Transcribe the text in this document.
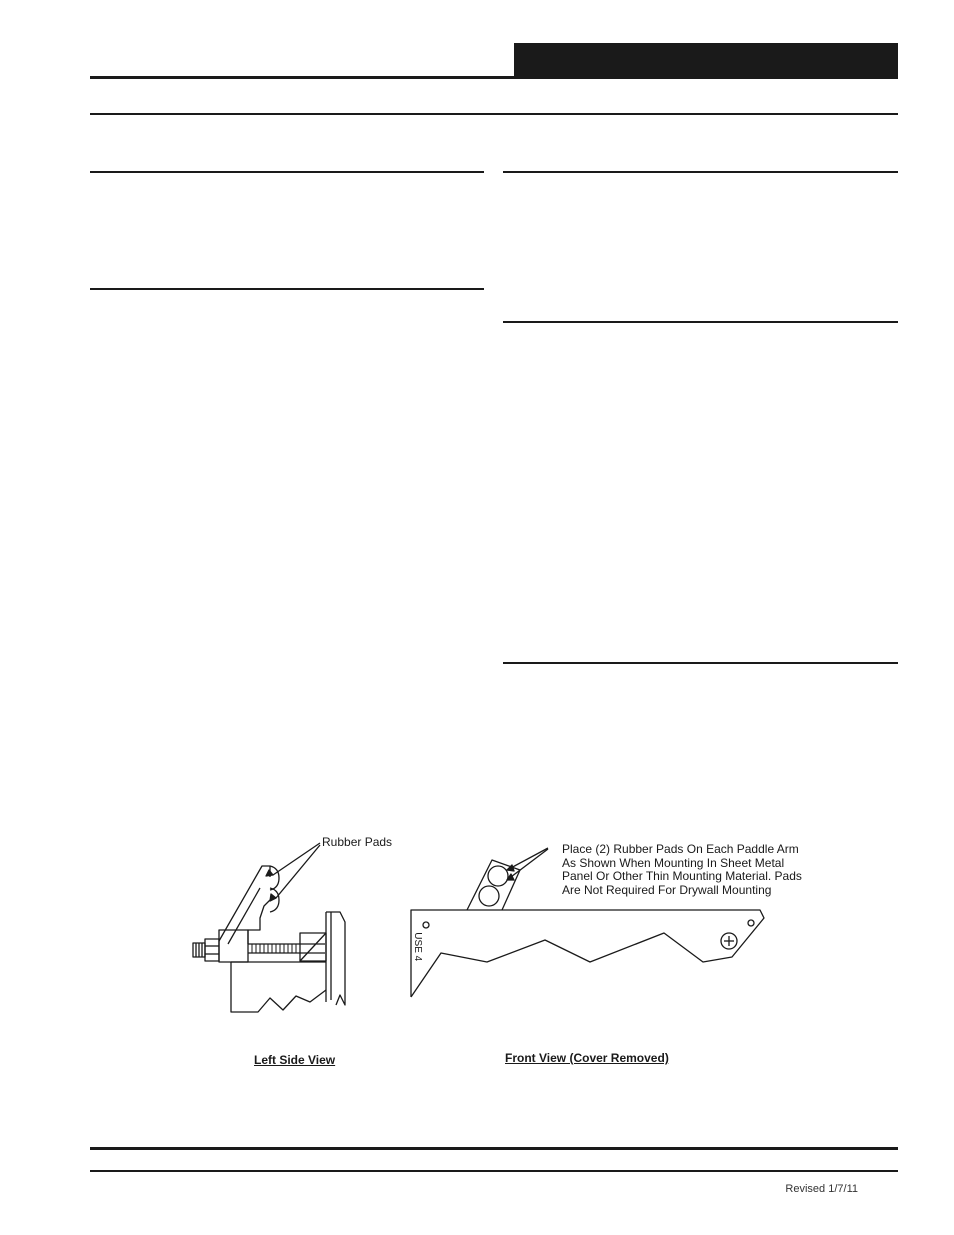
Rubber Pads
Left Side View
USE 4
Place (2) Rubber Pads On Each Paddle Arm
As Shown When Mounting In Sheet Metal
Panel Or Other Thin Mounting Material. Pads
Are Not Required For Drywall Mounting
Front View (Cover Removed)
Revised 1/7/11
